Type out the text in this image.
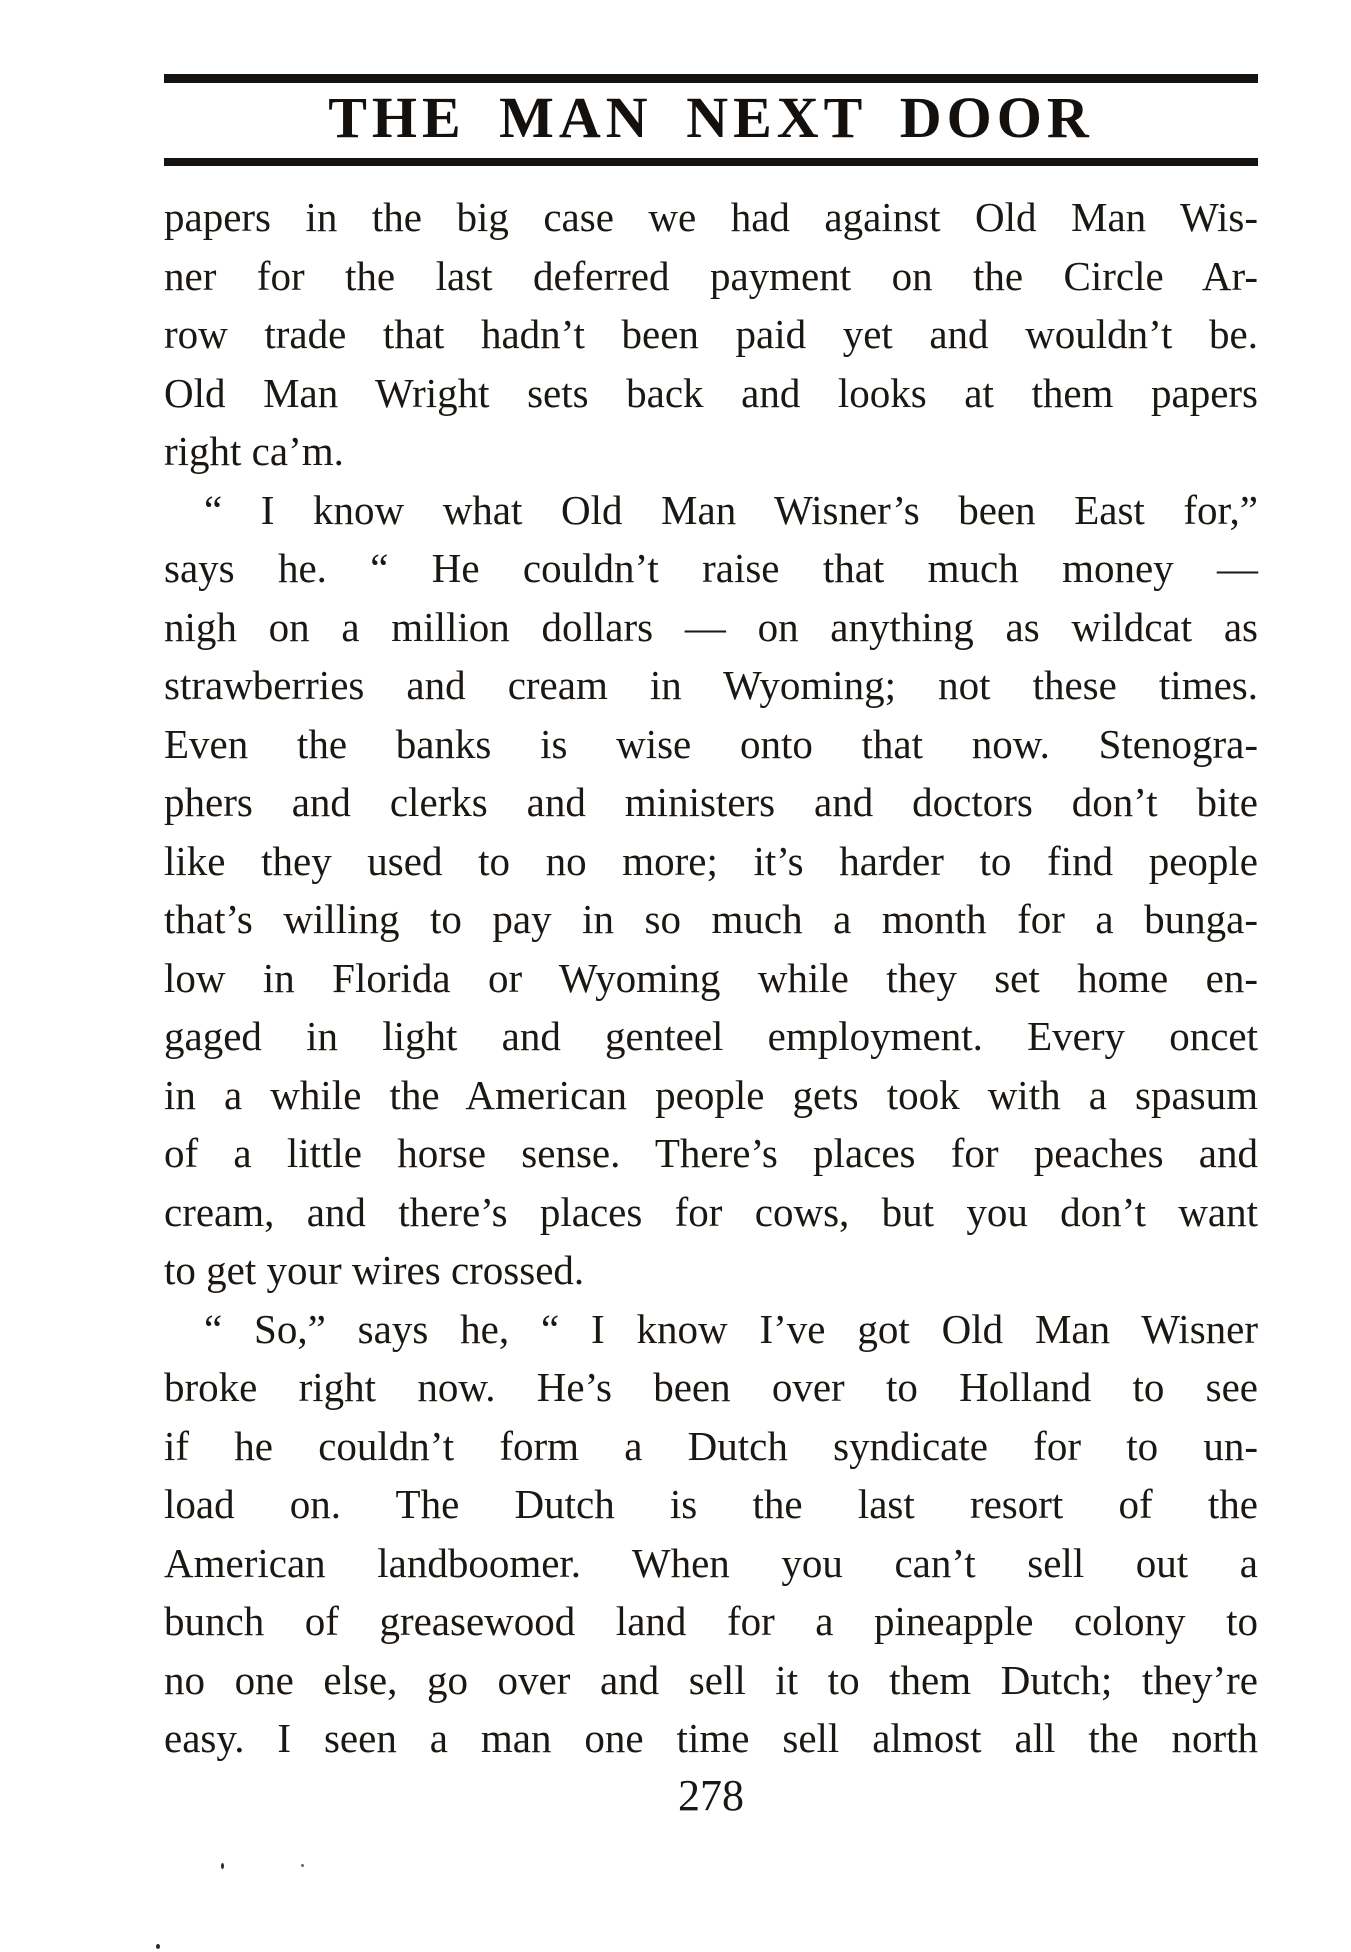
THE MAN NEXT DOOR
papers in the big case we had against Old Man Wis-
ner for the last deferred payment on the Circle Ar-
row trade that hadn’t been paid yet and wouldn’t be.
Old Man Wright sets back and looks at them papers
right ca’m.
“ I know what Old Man Wisner’s been East for,”
says he. “ He couldn’t raise that much money —
nigh on a million dollars — on anything as wildcat as
strawberries and cream in Wyoming; not these times.
Even the banks is wise onto that now. Stenogra-
phers and clerks and ministers and doctors don’t bite
like they used to no more; it’s harder to find people
that’s willing to pay in so much a month for a bunga-
low in Florida or Wyoming while they set home en-
gaged in light and genteel employment. Every oncet
in a while the American people gets took with a spasum
of a little horse sense. There’s places for peaches and
cream, and there’s places for cows, but you don’t want
to get your wires crossed.
“ So,” says he, “ I know I’ve got Old Man Wisner
broke right now. He’s been over to Holland to see
if he couldn’t form a Dutch syndicate for to un-
load on. The Dutch is the last resort of the
American landboomer. When you can’t sell out a
bunch of greasewood land for a pineapple colony to
no one else, go over and sell it to them Dutch; they’re
easy. I seen a man one time sell almost all the north
278
